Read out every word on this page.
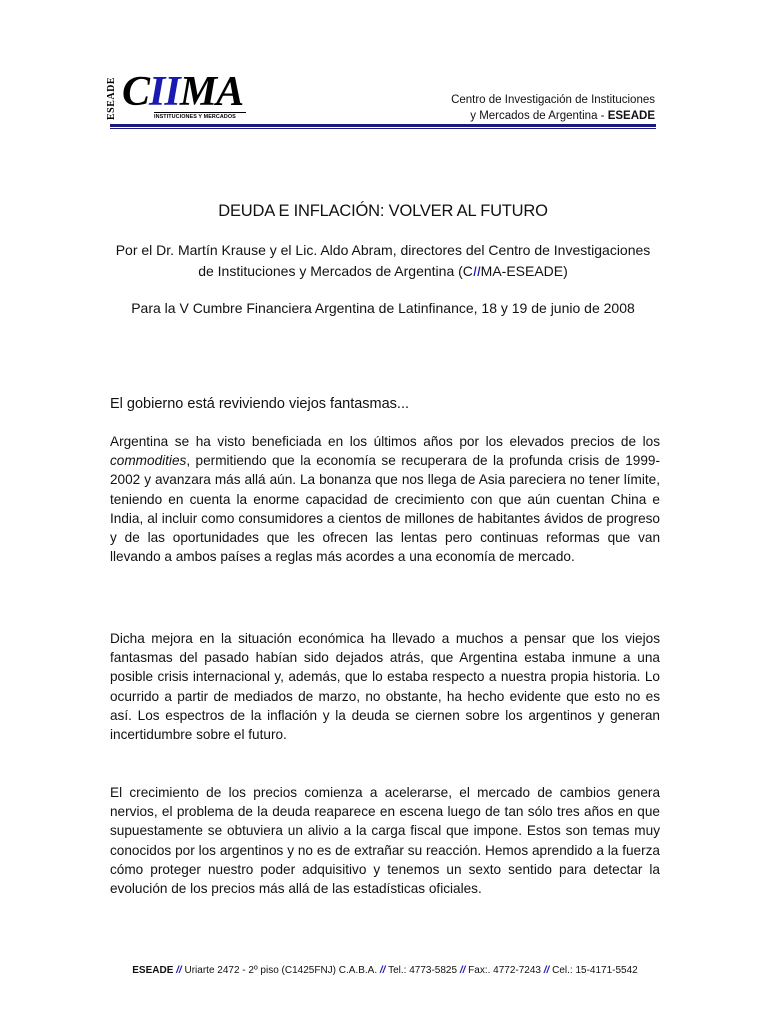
ESEADE CIIMA
INSTITUCIONES Y MERCADOS
Centro de Investigación de Instituciones
y Mercados de Argentina - ESEADE
DEUDA E INFLACIÓN: VOLVER AL FUTURO
Por el Dr. Martín Krause y el Lic. Aldo Abram, directores del Centro de Investigaciones de Instituciones y Mercados de Argentina (CIIMA-ESEADE)
Para la V Cumbre Financiera Argentina de Latinfinance, 18 y 19 de junio de 2008
El gobierno está reviviendo viejos fantasmas...
Argentina se ha visto beneficiada en los últimos años por los elevados precios de los commodities, permitiendo que la economía se recuperara de la profunda crisis de 1999-2002 y avanzara más allá aún. La bonanza que nos llega de Asia pareciera no tener límite, teniendo en cuenta la enorme capacidad de crecimiento con que aún cuentan China e India, al incluir como consumidores a cientos de millones de habitantes ávidos de progreso y de las oportunidades que les ofrecen las lentas pero continuas reformas que van llevando a ambos países a reglas más acordes a una economía de mercado.
Dicha mejora en la situación económica ha llevado a muchos a pensar que los viejos fantasmas del pasado habían sido dejados atrás, que Argentina estaba inmune a una posible crisis internacional y, además, que lo estaba respecto a nuestra propia historia. Lo ocurrido a partir de mediados de marzo, no obstante, ha hecho evidente que esto no es así. Los espectros de la inflación y la deuda se ciernen sobre los argentinos y generan incertidumbre sobre el futuro.
El crecimiento de los precios comienza a acelerarse, el mercado de cambios genera nervios, el problema de la deuda reaparece en escena luego de tan sólo tres años en que supuestamente se obtuviera un alivio a la carga fiscal que impone. Estos son temas muy conocidos por los argentinos y no es de extrañar su reacción. Hemos aprendido a la fuerza cómo proteger nuestro poder adquisitivo y tenemos un sexto sentido para detectar la evolución de los precios más allá de las estadísticas oficiales.
ESEADE // Uriarte 2472 - 2º piso (C1425FNJ) C.A.B.A. // Tel.: 4773-5825 // Fax:. 4772-7243 // Cel.: 15-4171-5542
